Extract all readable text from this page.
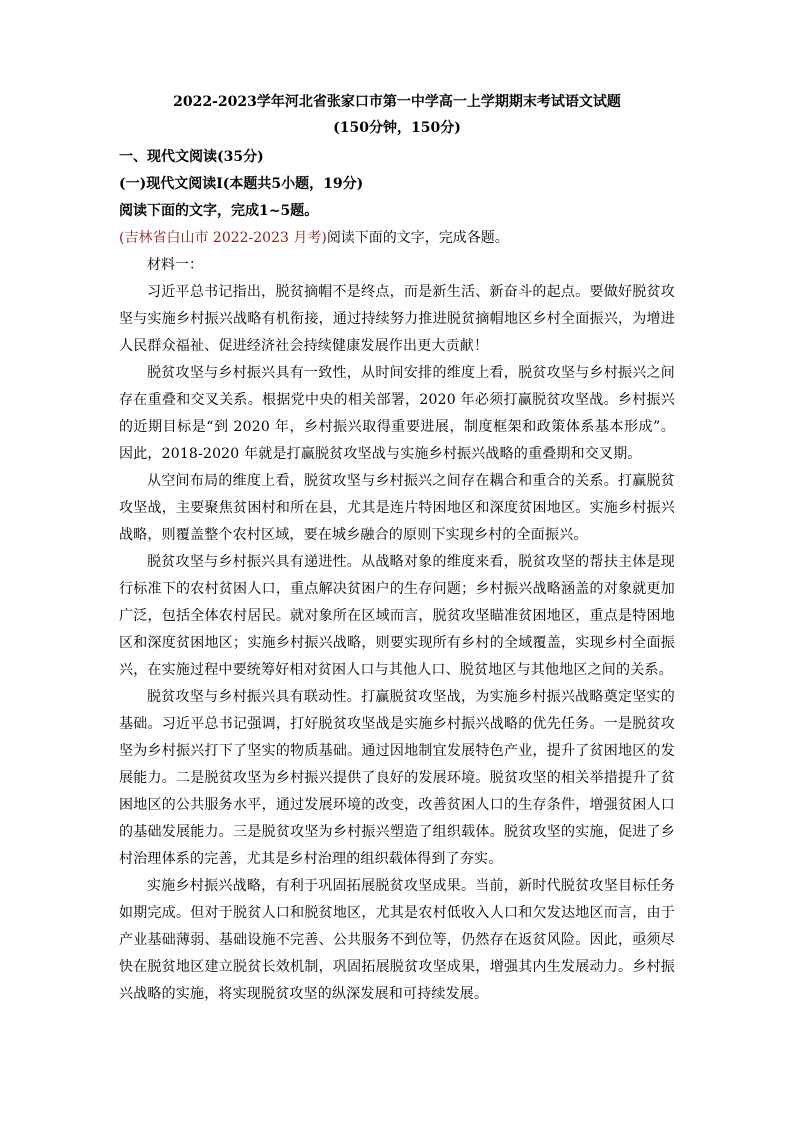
2022-2023学年河北省张家口市第一中学高一上学期期末考试语文试题

(150分钟，150分)

一、现代文阅读(35分)

(一)现代文阅读Ⅰ(本题共5小题，19分)

阅读下面的文字，完成1~5题。

(吉林省白山市 2022-2023 月考)阅读下面的文字，完成各题。

材料一：

习近平总书记指出，脱贫摘帽不是终点，而是新生活、新奋斗的起点。要做好脱贫攻坚与实施乡村振兴战略有机衔接，通过持续努力推进脱贫摘帽地区乡村全面振兴，为增进人民群众福祉、促进经济社会持续健康发展作出更大贡献！

脱贫攻坚与乡村振兴具有一致性，从时间安排的维度上看，脱贫攻坚与乡村振兴之间存在重叠和交叉关系。根据党中央的相关部署，2020 年必须打赢脱贫攻坚战。乡村振兴的近期目标是“到 2020 年，乡村振兴取得重要进展，制度框架和政策体系基本形成”。因此，2018-2020 年就是打赢脱贫攻坚战与实施乡村振兴战略的重叠期和交叉期。

从空间布局的维度上看，脱贫攻坚与乡村振兴之间存在耦合和重合的关系。打赢脱贫攻坚战，主要聚焦贫困村和所在县，尤其是连片特困地区和深度贫困地区。实施乡村振兴战略，则覆盖整个农村区域，要在城乡融合的原则下实现乡村的全面振兴。

脱贫攻坚与乡村振兴具有递进性。从战略对象的维度来看，脱贫攻坚的帮扶主体是现行标准下的农村贫困人口，重点解决贫困户的生存问题；乡村振兴战略涵盖的对象就更加广泛，包括全体农村居民。就对象所在区域而言，脱贫攻坚瞄准贫困地区，重点是特困地区和深度贫困地区；实施乡村振兴战略，则要实现所有乡村的全域覆盖，实现乡村全面振兴，在实施过程中要统筹好相对贫困人口与其他人口、脱贫地区与其他地区之间的关系。

脱贫攻坚与乡村振兴具有联动性。打赢脱贫攻坚战，为实施乡村振兴战略奠定坚实的基础。习近平总书记强调，打好脱贫攻坚战是实施乡村振兴战略的优先任务。一是脱贫攻坚为乡村振兴打下了坚实的物质基础。通过因地制宜发展特色产业，提升了贫困地区的发展能力。二是脱贫攻坚为乡村振兴提供了良好的发展环境。脱贫攻坚的相关举措提升了贫困地区的公共服务水平，通过发展环境的改变，改善贫困人口的生存条件，增强贫困人口的基础发展能力。三是脱贫攻坚为乡村振兴塑造了组织载体。脱贫攻坚的实施，促进了乡村治理体系的完善，尤其是乡村治理的组织载体得到了夯实。

实施乡村振兴战略，有利于巩固拓展脱贫攻坚成果。当前，新时代脱贫攻坚目标任务如期完成。但对于脱贫人口和脱贫地区，尤其是农村低收入人口和欠发达地区而言，由于产业基础薄弱、基础设施不完善、公共服务不到位等，仍然存在返贫风险。因此，亟须尽快在脱贫地区建立脱贫长效机制，巩固拓展脱贫攻坚成果，增强其内生发展动力。乡村振兴战略的实施，将实现脱贫攻坚的纵深发展和可持续发展。
